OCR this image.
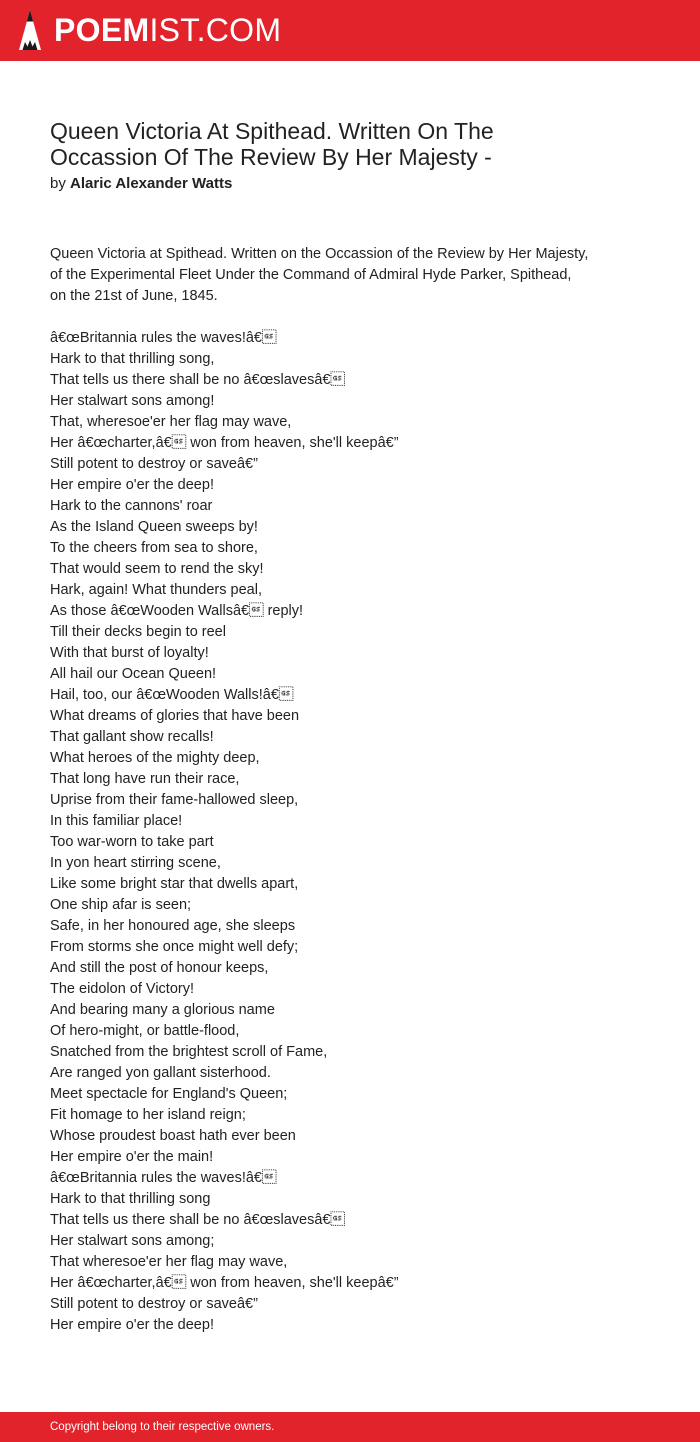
POEM IST.COM
Queen Victoria At Spithead. Written On The Occassion Of The Review By Her Majesty -
by Alaric Alexander Watts

Queen Victoria at Spithead. Written on the Occassion of the Review by Her Majesty, of the Experimental Fleet Under the Command of Admiral Hyde Parker, Spithead, on the 21st of June, 1845.

â€œBritannia rules the waves!â€
Hark to that thrilling song,
That tells us there shall be no â€œslavesâ€
Her stalwart sons among!
That, wheresoe'er her flag may wave,
Her â€œcharter,â€ won from heaven, she'll keepâ€”
Still potent to destroy or saveâ€”
Her empire o'er the deep!
Hark to the cannons' roar
As the Island Queen sweeps by!
To the cheers from sea to shore,
That would seem to rend the sky!
Hark, again! What thunders peal,
As those â€œWooden Wallsâ€ reply!
Till their decks begin to reel
With that burst of loyalty!
All hail our Ocean Queen!
Hail, too, our â€œWooden Walls!â€
What dreams of glories that have been
That gallant show recalls!
What heroes of the mighty deep,
That long have run their race,
Uprise from their fame-hallowed sleep,
In this familiar place!
Too war-worn to take part
In yon heart stirring scene,
Like some bright star that dwells apart,
One ship afar is seen;
Safe, in her honoured age, she sleeps
From storms she once might well defy;
And still the post of honour keeps,
The eidolon of Victory!
And bearing many a glorious name
Of hero-might, or battle-flood,
Snatched from the brightest scroll of Fame,
Are ranged yon gallant sisterhood.
Meet spectacle for England's Queen;
Fit homage to her island reign;
Whose proudest boast hath ever been
Her empire o'er the main!
â€œBritannia rules the waves!â€
Hark to that thrilling song
That tells us there shall be no â€œslavesâ€
Her stalwart sons among;
That wheresoe'er her flag may wave,
Her â€œcharter,â€ won from heaven, she'll keepâ€”
Still potent to destroy or saveâ€”
Her empire o'er the deep!
Copyright belong to their respective owners.
